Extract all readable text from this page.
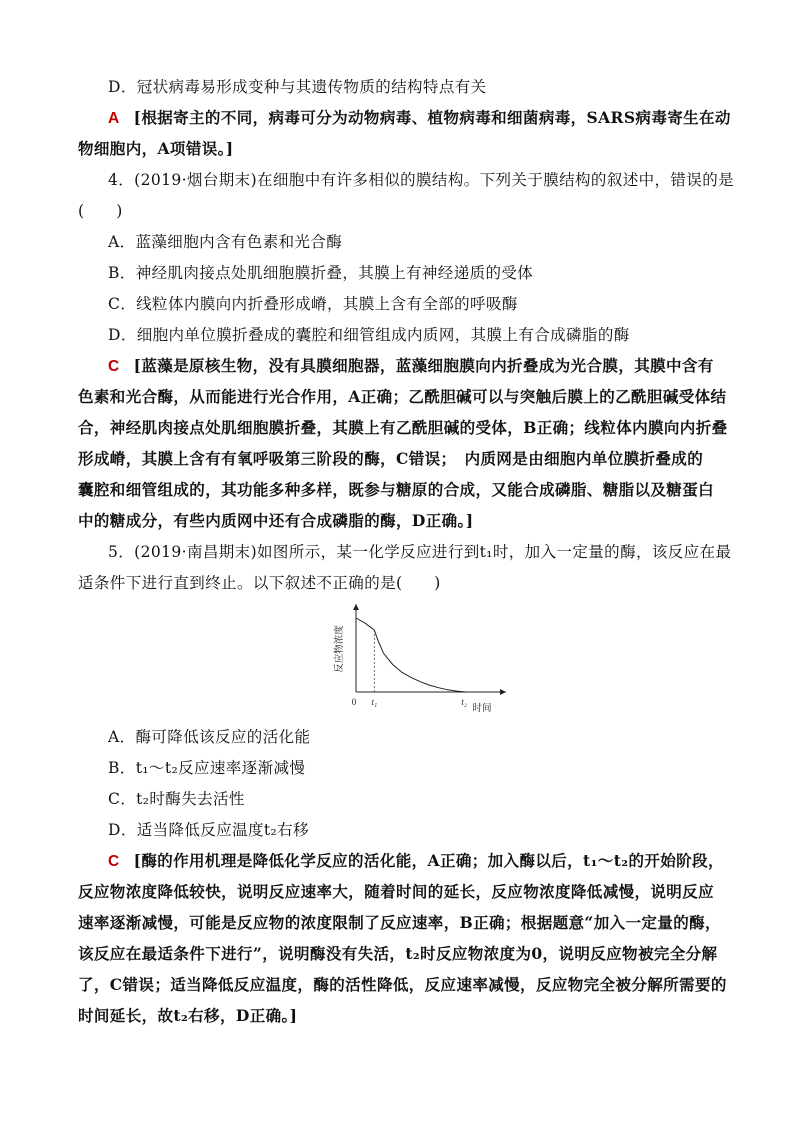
D．冠状病毒易形成变种与其遗传物质的结构特点有关
A [根据寄主的不同，病毒可分为动物病毒、植物病毒和细菌病毒，SARS病毒寄生在动
物细胞内，A项错误。]
4．(2019·烟台期末)在细胞中有许多相似的膜结构。下列关于膜结构的叙述中，错误的是
(　　)
A．蓝藻细胞内含有色素和光合酶
B．神经肌肉接点处肌细胞膜折叠，其膜上有神经递质的受体
C．线粒体内膜向内折叠形成嵴，其膜上含有全部的呼吸酶
D．细胞内单位膜折叠成的囊腔和细管组成内质网，其膜上有合成磷脂的酶
C [蓝藻是原核生物，没有具膜细胞器，蓝藻细胞膜向内折叠成为光合膜，其膜中含有
色素和光合酶，从而能进行光合作用，A正确；乙酰胆碱可以与突触后膜上的乙酰胆碱受体结
合，神经肌肉接点处肌细胞膜折叠，其膜上有乙酰胆碱的受体，B正确；线粒体内膜向内折叠
形成嵴，其膜上含有有氧呼吸第三阶段的酶，C错误；　内质网是由细胞内单位膜折叠成的
囊腔和细管组成的，其功能多种多样，既参与糖原的合成，又能合成磷脂、糖脂以及糖蛋白
中的糖成分，有些内质网中还有合成磷脂的酶，D正确。]
5．(2019·南昌期末)如图所示，某一化学反应进行到t₁时，加入一定量的酶，该反应在最
适条件下进行直到终止。以下叙述不正确的是(　　)
0 t₁	t₂
时间
反应物浓度
A．酶可降低该反应的活化能
B．t₁～t₂反应速率逐渐减慢
C．t₂时酶失去活性
D．适当降低反应温度t₂右移
C [酶的作用机理是降低化学反应的活化能，A正确；加入酶以后，t₁～t₂的开始阶段，
反应物浓度降低较快，说明反应速率大，随着时间的延长，反应物浓度降低减慢，说明反应
速率逐渐减慢，可能是反应物的浓度限制了反应速率，B正确；根据题意“加入一定量的酶，
该反应在最适条件下进行”，说明酶没有失活，t₂时反应物浓度为0，说明反应物被完全分解
了，C错误；适当降低反应温度，酶的活性降低，反应速率减慢，反应物完全被分解所需要的
时间延长，故t₂右移，D正确。]
